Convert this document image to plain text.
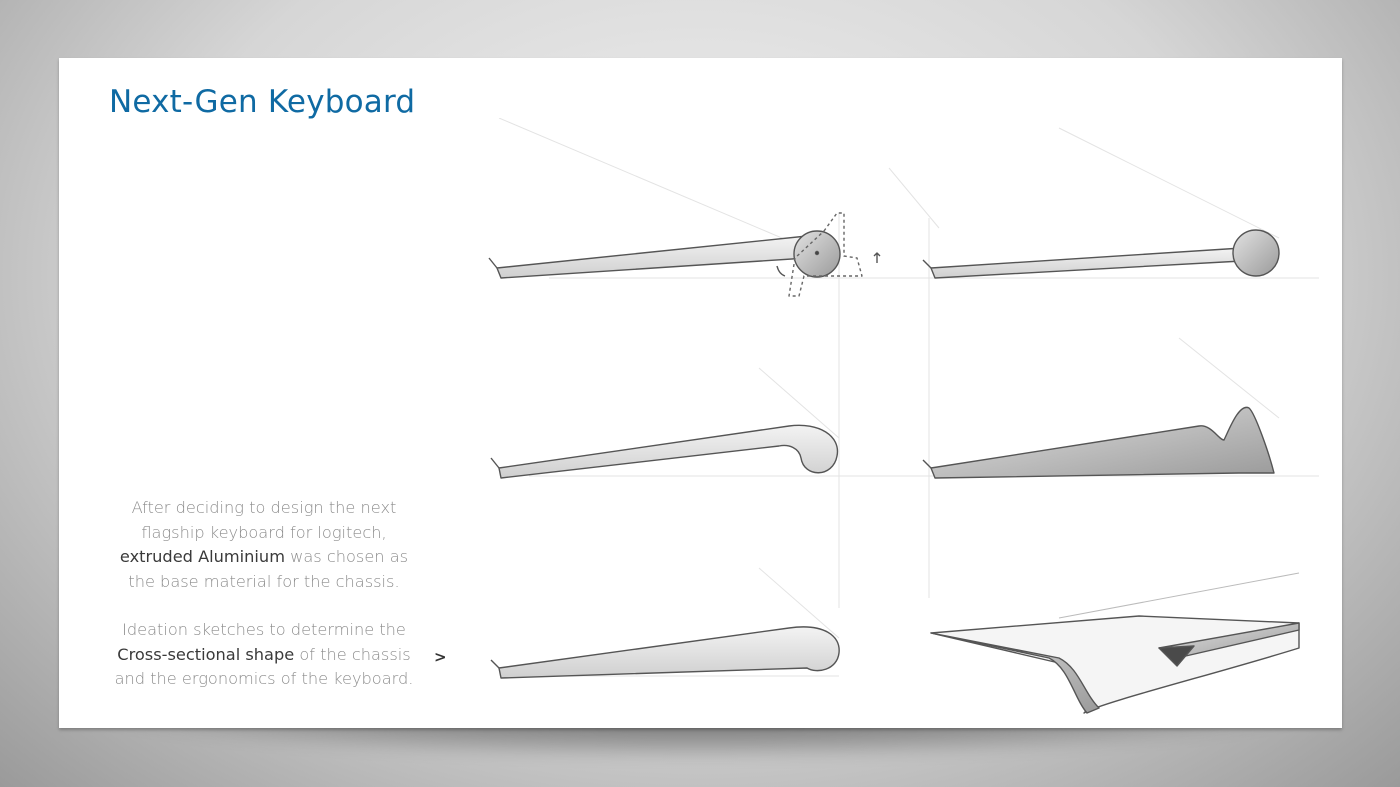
Next-Gen Keyboard

After deciding to design the next
flagship keyboard for logitech,
extruded Aluminium was chosen as
the base material for the chassis.

Ideation sketches to determine the
Cross-sectional shape of the chassis
and the ergonomics of the keyboard.

>
